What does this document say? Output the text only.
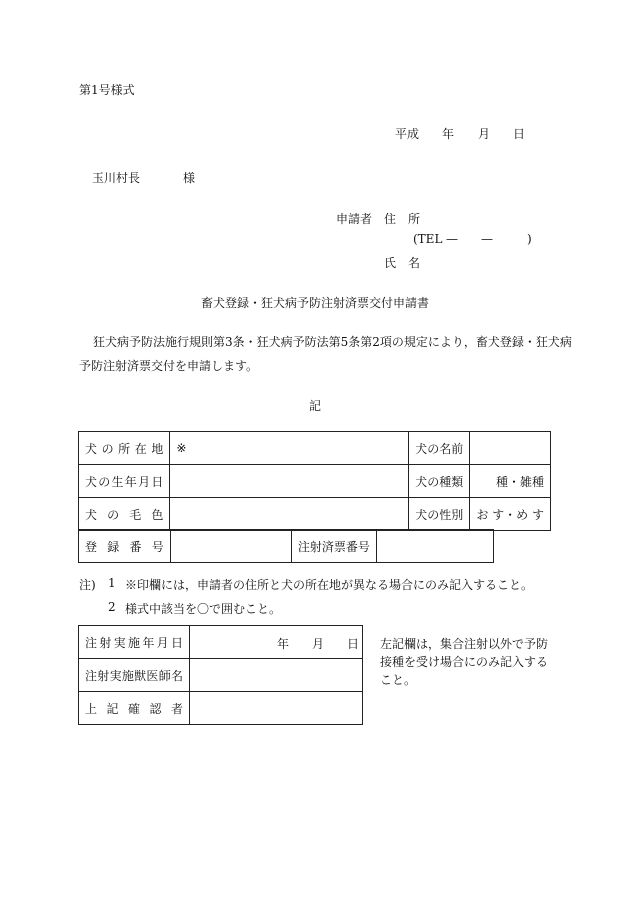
第1号様式
平成 年 月 日
玉川村長	様
申請者 住　所
(TEL — —	)
氏　名
畜犬登録・狂犬病予防注射済票交付申請書
狂犬病予防法施行規則第3条・狂犬病予防法第5条第2項の規定により，畜犬登録・狂犬病
予防注射済票交付を申請します。
記
犬の所在地	※	犬の名前	

犬の生年月日		犬の種類	種・雑種

犬の毛色		犬の性別	お す・め す
登録番号		注射済票番号	
注) 1 ※印欄には，申請者の住所と犬の所在地が異なる場合にのみ記入すること。
2 様式中該当を〇で囲むこと。
注射実施年月日	年 月 日

注射実施獣医師名	

上記確認者	

左記欄は，集合注射以外で予防
接種を受け場合にのみ記入する
こと。
